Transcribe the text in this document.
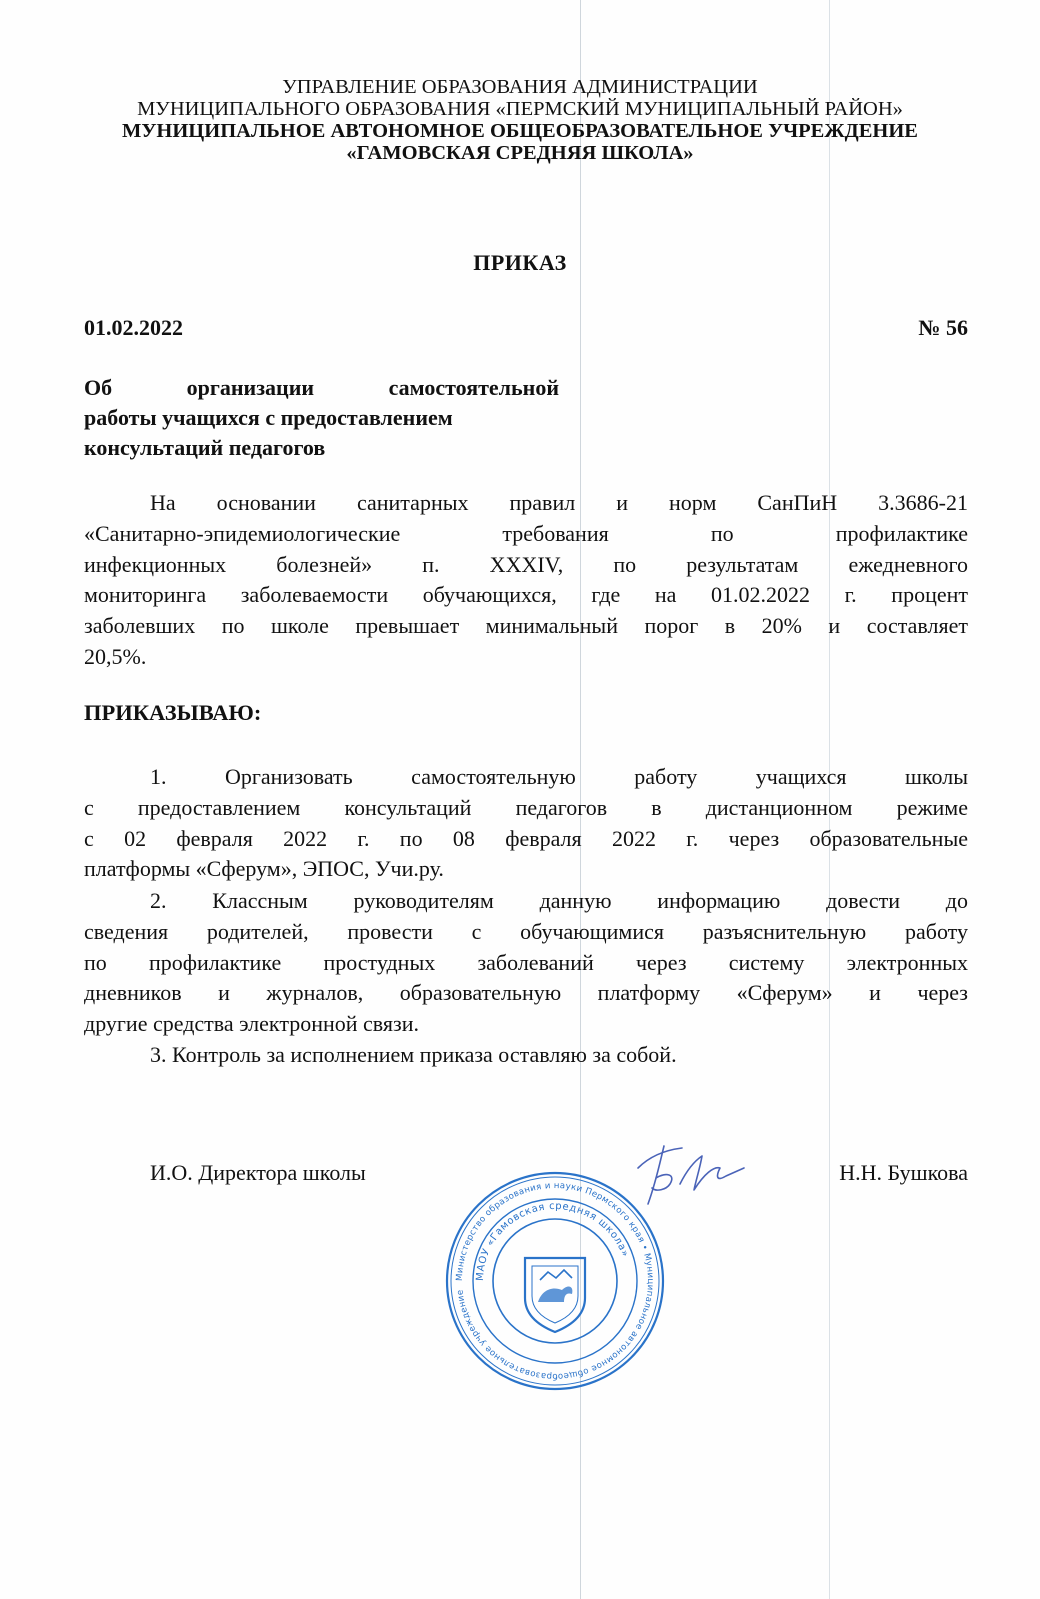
УПРАВЛЕНИЕ ОБРАЗОВАНИЯ АДМИНИСТРАЦИИ
МУНИЦИПАЛЬНОГО ОБРАЗОВАНИЯ «ПЕРМСКИЙ МУНИЦИПАЛЬНЫЙ РАЙОН»
МУНИЦИПАЛЬНОЕ АВТОНОМНОЕ ОБЩЕОБРАЗОВАТЕЛЬНОЕ УЧРЕЖДЕНИЕ
«ГАМОВСКАЯ СРЕДНЯЯ ШКОЛА»
ПРИКАЗ
01.02.2022	№ 56
Об организации самостоятельной
работы учащихся с предоставлением
консультаций педагогов
На основании санитарных правил и норм СанПиН 3.3686-21
«Санитарно-эпидемиологические требования по профилактике
инфекционных болезней» п. XXXIV, по результатам ежедневного
мониторинга заболеваемости обучающихся, где на 01.02.2022 г. процент
заболевших по школе превышает минимальный порог в 20% и составляет
20,5%.
ПРИКАЗЫВАЮ:
1. Организовать самостоятельную работу учащихся школы
с предоставлением консультаций педагогов в дистанционном режиме
с 02 февраля 2022 г. по 08 февраля 2022 г. через образовательные
платформы «Сферум», ЭПОС, Учи.ру.
2. Классным руководителям данную информацию довести до
сведения родителей, провести с обучающимися разъяснительную работу
по профилактике простудных заболеваний через систему электронных
дневников и журналов, образовательную платформу «Сферум» и через
другие средства электронной связи.
3. Контроль за исполнением приказа оставляю за собой.
И.О. Директора школы	Н.Н. Бушкова
Министерство образования и науки Пермского края • Муниципальное автономное общеобразовательное учреждение
МАОУ «Гамовская средняя школа»
